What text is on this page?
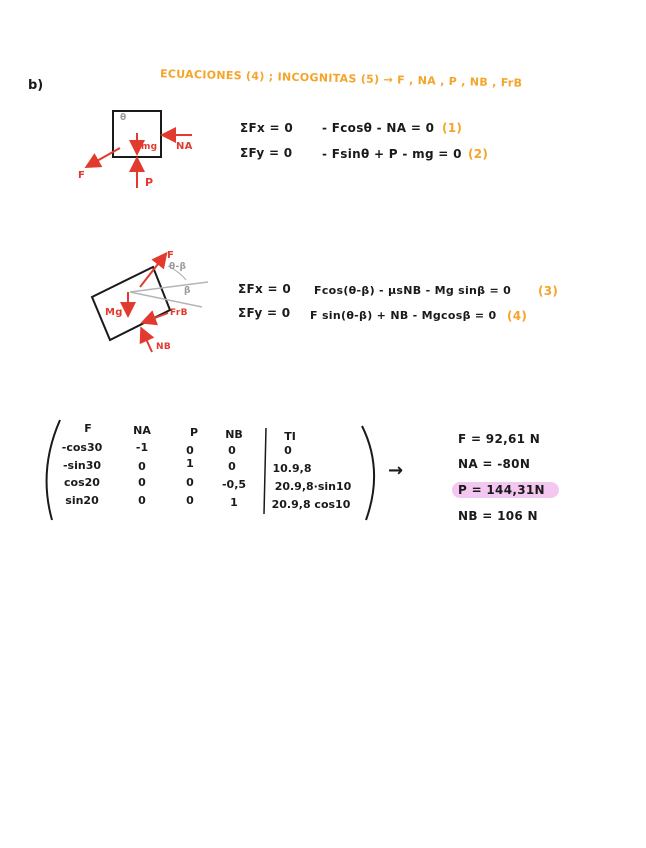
b)	ECUACIONES (4) ; INCOGNITAS (5) → F , NA , P , NB , FrB
θ
mg NA
F
P
ΣFx = 0 - Fcosθ - NA = 0 (1)
ΣFy = 0 - Fsinθ + P - mg = 0 (2)
F
θ-β
β
Mg	FrB
NB
ΣFx = 0 Fcos(θ-β) - μsNB - Mg sinβ = 0 (3)
ΣFy = 0 F sin(θ-β) + NB - Mgcosβ = 0 (4)
F	NA	P	NB	TI
-cos30	-1	0	0	0
-sin30	0	1	0	10.9,8
cos20	0	0	-0,5	20.9,8·sin10
sin20	0	0	1	20.9,8 cos10
→
F = 92,61 N
NA = -80N
P = 144,31N
NB = 106 N
